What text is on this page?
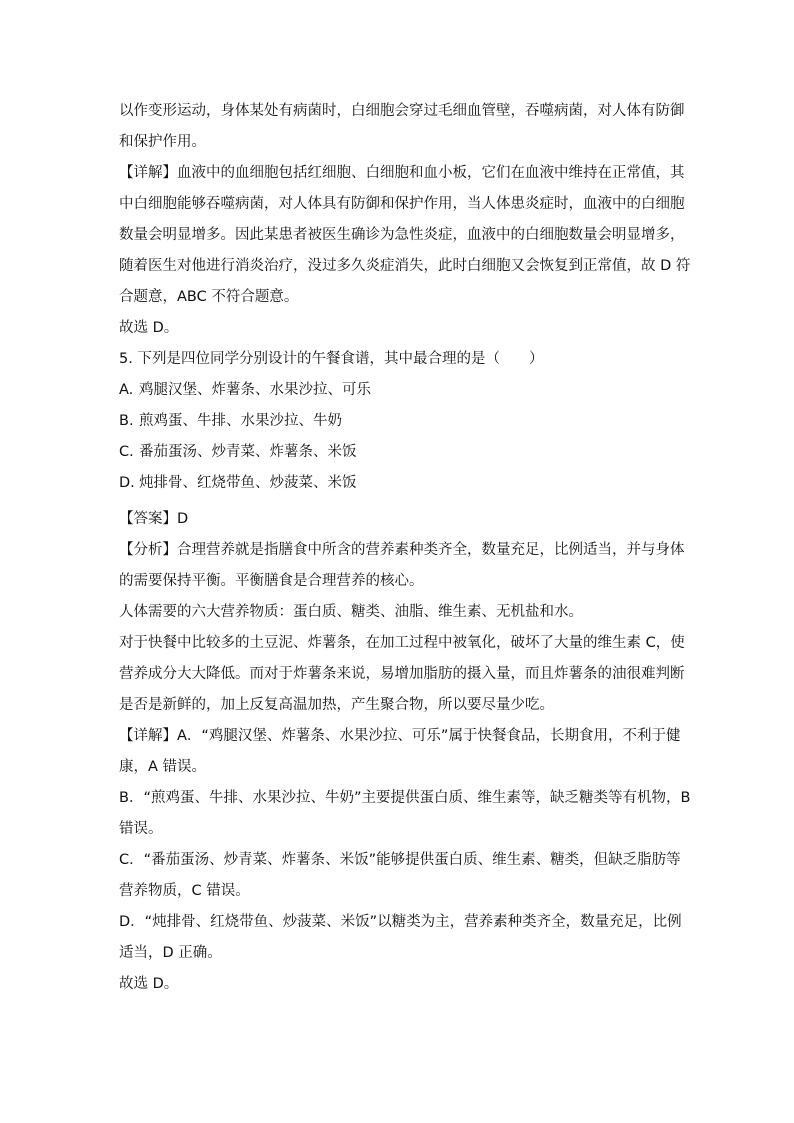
以作变形运动，身体某处有病菌时，白细胞会穿过毛细血管壁，吞噬病菌，对人体有防御
和保护作用。
【详解】血液中的血细胞包括红细胞、白细胞和血小板，它们在血液中维持在正常值，其
中白细胞能够吞噬病菌，对人体具有防御和保护作用，当人体患炎症时，血液中的白细胞
数量会明显增多。因此某患者被医生确诊为急性炎症，血液中的白细胞数量会明显增多，
随着医生对他进行消炎治疗，没过多久炎症消失，此时白细胞又会恢复到正常值，故 D 符
合题意，ABC 不符合题意。
故选 D。
5. 下列是四位同学分别设计的午餐食谱，其中最合理的是（　　）
A. 鸡腿汉堡、炸薯条、水果沙拉、可乐
B. 煎鸡蛋、牛排、水果沙拉、牛奶
C. 番茄蛋汤、炒青菜、炸薯条、米饭
D. 炖排骨、红烧带鱼、炒菠菜、米饭
【答案】D
【分析】合理营养就是指膳食中所含的营养素种类齐全，数量充足，比例适当，并与身体
的需要保持平衡。平衡膳食是合理营养的核心。
人体需要的六大营养物质：蛋白质、糖类、油脂、维生素、无机盐和水。
对于快餐中比较多的土豆泥、炸薯条，在加工过程中被氧化，破坏了大量的维生素 C，使
营养成分大大降低。而对于炸薯条来说，易增加脂肪的摄入量，而且炸薯条的油很难判断
是否是新鲜的，加上反复高温加热，产生聚合物，所以要尽量少吃。
【详解】A．“鸡腿汉堡、炸薯条、水果沙拉、可乐”属于快餐食品，长期食用，不利于健
康，A 错误。
B．“煎鸡蛋、牛排、水果沙拉、牛奶”主要提供蛋白质、维生素等，缺乏糖类等有机物，B
错误。
C．“番茄蛋汤、炒青菜、炸薯条、米饭”能够提供蛋白质、维生素、糖类，但缺乏脂肪等
营养物质，C 错误。
D．“炖排骨、红烧带鱼、炒菠菜、米饭”以糖类为主，营养素种类齐全，数量充足，比例
适当，D 正确。
故选 D。
